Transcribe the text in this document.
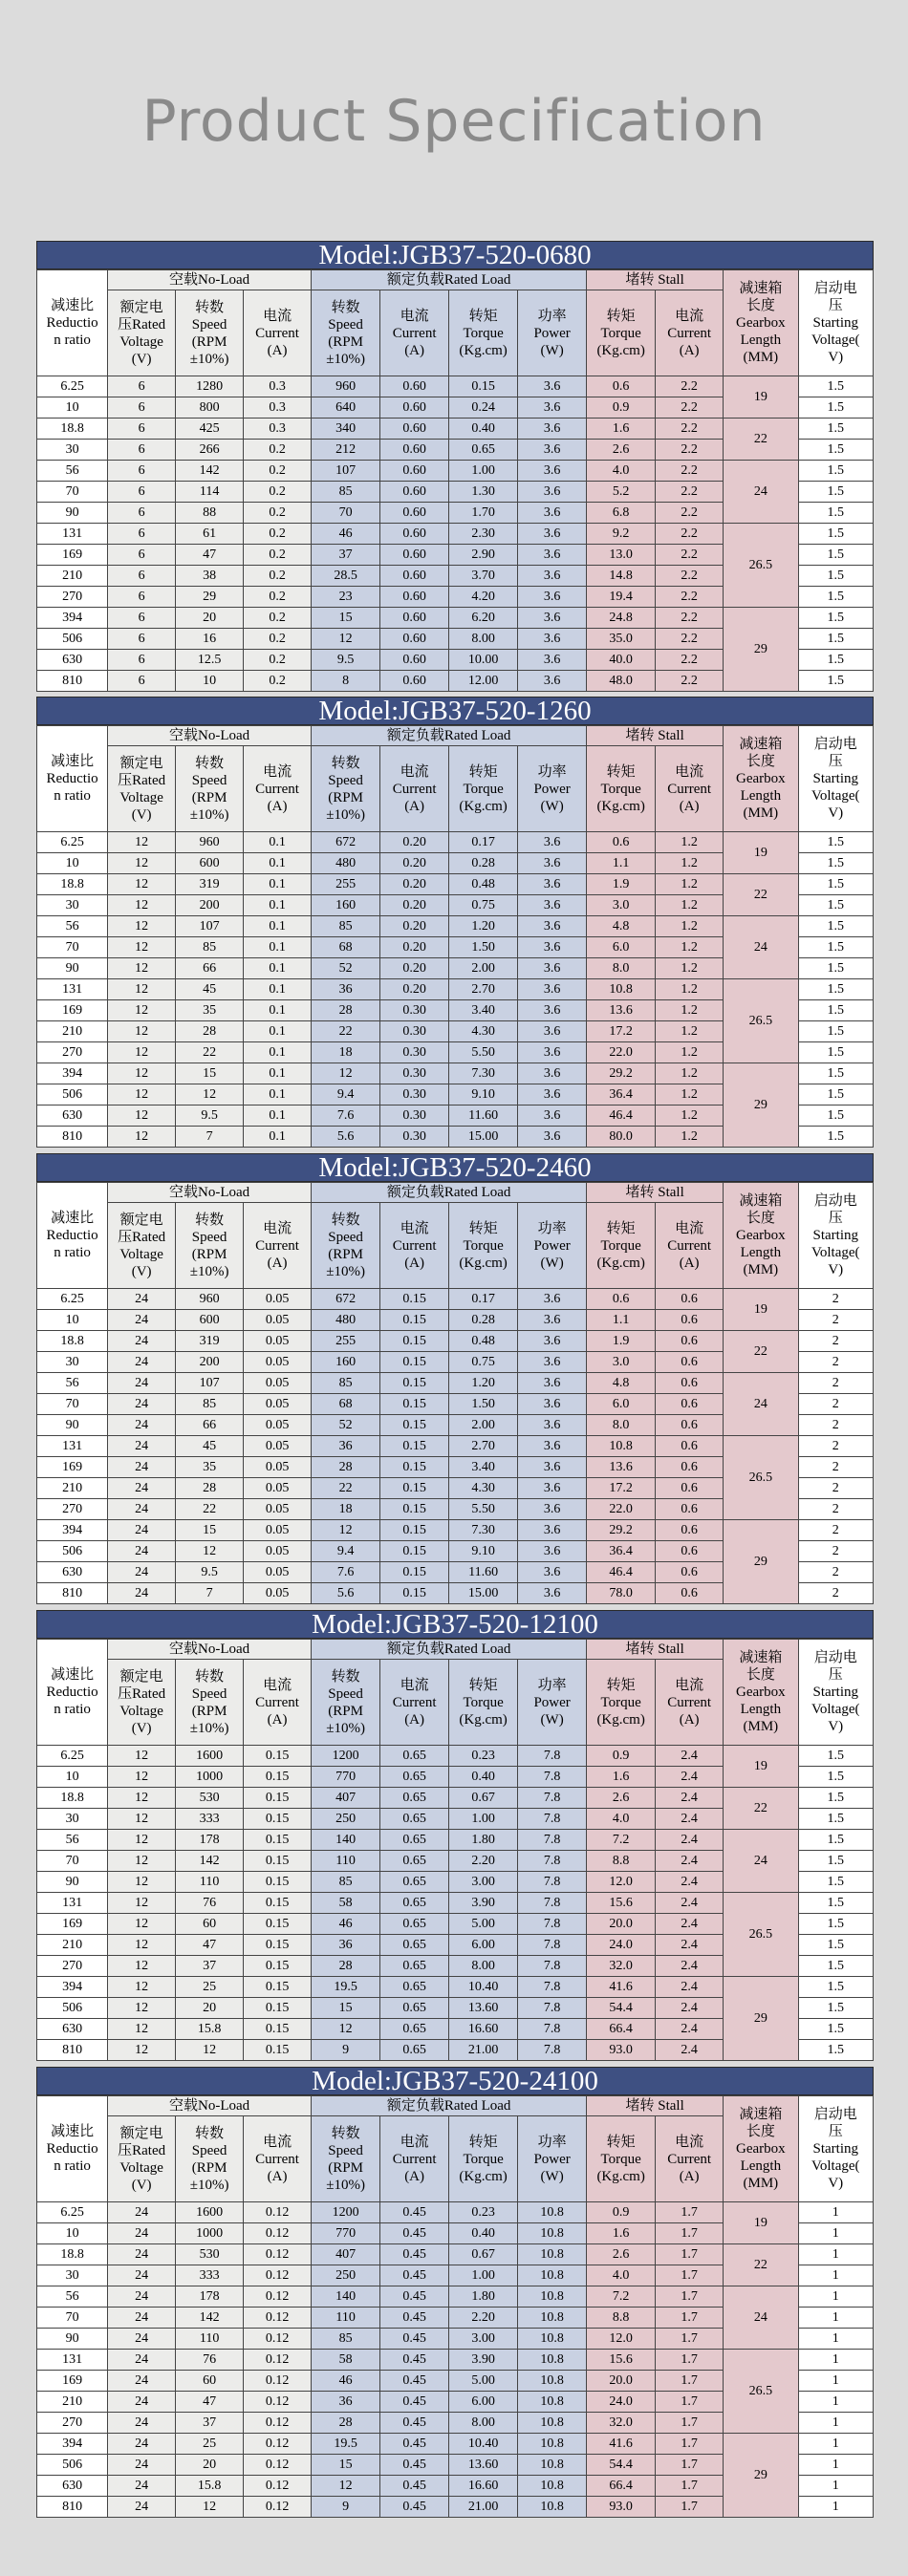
Product Specification
Model:JGB37-520-0680
减速比
Reductio
n ratio	空载No-Load			额定负载Rated Load				堵转 Stall		减速箱
长度
Gearbox
Length
(MM)	启动电
压
Starting
Voltage(
V)
	额定电
压Rated
Voltage
(V)	转数
Speed
(RPM
±10%)	电流
Current
(A)	转数
Speed
(RPM
±10%)	电流
Current
(A)	转矩
Torque
(Kg.cm)	功率
Power
(W)	转矩
Torque
(Kg.cm)	电流
Current
(A)		
6.25	6	1280	0.3	960	0.60	0.15	3.6	0.6	2.2	19	1.5
10	6	800	0.3	640	0.60	0.24	3.6	0.9	2.2		1.5
18.8	6	425	0.3	340	0.60	0.40	3.6	1.6	2.2	22	1.5
30	6	266	0.2	212	0.60	0.65	3.6	2.6	2.2		1.5
56	6	142	0.2	107	0.60	1.00	3.6	4.0	2.2	24	1.5
70	6	114	0.2	85	0.60	1.30	3.6	5.2	2.2		1.5
90	6	88	0.2	70	0.60	1.70	3.6	6.8	2.2		1.5
131	6	61	0.2	46	0.60	2.30	3.6	9.2	2.2	26.5	1.5
169	6	47	0.2	37	0.60	2.90	3.6	13.0	2.2		1.5
210	6	38	0.2	28.5	0.60	3.70	3.6	14.8	2.2		1.5
270	6	29	0.2	23	0.60	4.20	3.6	19.4	2.2		1.5
394	6	20	0.2	15	0.60	6.20	3.6	24.8	2.2	29	1.5
506	6	16	0.2	12	0.60	8.00	3.6	35.0	2.2		1.5
630	6	12.5	0.2	9.5	0.60	10.00	3.6	40.0	2.2		1.5
810	6	10	0.2	8	0.60	12.00	3.6	48.0	2.2		1.5
Model:JGB37-520-1260
减速比
Reductio
n ratio	空载No-Load			额定负载Rated Load				堵转 Stall		减速箱
长度
Gearbox
Length
(MM)	启动电
压
Starting
Voltage(
V)
	额定电
压Rated
Voltage
(V)	转数
Speed
(RPM
±10%)	电流
Current
(A)	转数
Speed
(RPM
±10%)	电流
Current
(A)	转矩
Torque
(Kg.cm)	功率
Power
(W)	转矩
Torque
(Kg.cm)	电流
Current
(A)		
6.25	12	960	0.1	672	0.20	0.17	3.6	0.6	1.2	19	1.5
10	12	600	0.1	480	0.20	0.28	3.6	1.1	1.2		1.5
18.8	12	319	0.1	255	0.20	0.48	3.6	1.9	1.2	22	1.5
30	12	200	0.1	160	0.20	0.75	3.6	3.0	1.2		1.5
56	12	107	0.1	85	0.20	1.20	3.6	4.8	1.2	24	1.5
70	12	85	0.1	68	0.20	1.50	3.6	6.0	1.2		1.5
90	12	66	0.1	52	0.20	2.00	3.6	8.0	1.2		1.5
131	12	45	0.1	36	0.20	2.70	3.6	10.8	1.2	26.5	1.5
169	12	35	0.1	28	0.30	3.40	3.6	13.6	1.2		1.5
210	12	28	0.1	22	0.30	4.30	3.6	17.2	1.2		1.5
270	12	22	0.1	18	0.30	5.50	3.6	22.0	1.2		1.5
394	12	15	0.1	12	0.30	7.30	3.6	29.2	1.2	29	1.5
506	12	12	0.1	9.4	0.30	9.10	3.6	36.4	1.2		1.5
630	12	9.5	0.1	7.6	0.30	11.60	3.6	46.4	1.2		1.5
810	12	7	0.1	5.6	0.30	15.00	3.6	80.0	1.2		1.5
Model:JGB37-520-2460
减速比
Reductio
n ratio	空载No-Load			额定负载Rated Load				堵转 Stall		减速箱
长度
Gearbox
Length
(MM)	启动电
压
Starting
Voltage(
V)
	额定电
压Rated
Voltage
(V)	转数
Speed
(RPM
±10%)	电流
Current
(A)	转数
Speed
(RPM
±10%)	电流
Current
(A)	转矩
Torque
(Kg.cm)	功率
Power
(W)	转矩
Torque
(Kg.cm)	电流
Current
(A)		
6.25	24	960	0.05	672	0.15	0.17	3.6	0.6	0.6	19	2
10	24	600	0.05	480	0.15	0.28	3.6	1.1	0.6		2
18.8	24	319	0.05	255	0.15	0.48	3.6	1.9	0.6	22	2
30	24	200	0.05	160	0.15	0.75	3.6	3.0	0.6		2
56	24	107	0.05	85	0.15	1.20	3.6	4.8	0.6	24	2
70	24	85	0.05	68	0.15	1.50	3.6	6.0	0.6		2
90	24	66	0.05	52	0.15	2.00	3.6	8.0	0.6		2
131	24	45	0.05	36	0.15	2.70	3.6	10.8	0.6	26.5	2
169	24	35	0.05	28	0.15	3.40	3.6	13.6	0.6		2
210	24	28	0.05	22	0.15	4.30	3.6	17.2	0.6		2
270	24	22	0.05	18	0.15	5.50	3.6	22.0	0.6		2
394	24	15	0.05	12	0.15	7.30	3.6	29.2	0.6	29	2
506	24	12	0.05	9.4	0.15	9.10	3.6	36.4	0.6		2
630	24	9.5	0.05	7.6	0.15	11.60	3.6	46.4	0.6		2
810	24	7	0.05	5.6	0.15	15.00	3.6	78.0	0.6		2
Model:JGB37-520-12100
减速比
Reductio
n ratio	空载No-Load			额定负载Rated Load				堵转 Stall		减速箱
长度
Gearbox
Length
(MM)	启动电
压
Starting
Voltage(
V)
	额定电
压Rated
Voltage
(V)	转数
Speed
(RPM
±10%)	电流
Current
(A)	转数
Speed
(RPM
±10%)	电流
Current
(A)	转矩
Torque
(Kg.cm)	功率
Power
(W)	转矩
Torque
(Kg.cm)	电流
Current
(A)		
6.25	12	1600	0.15	1200	0.65	0.23	7.8	0.9	2.4	19	1.5
10	12	1000	0.15	770	0.65	0.40	7.8	1.6	2.4		1.5
18.8	12	530	0.15	407	0.65	0.67	7.8	2.6	2.4	22	1.5
30	12	333	0.15	250	0.65	1.00	7.8	4.0	2.4		1.5
56	12	178	0.15	140	0.65	1.80	7.8	7.2	2.4	24	1.5
70	12	142	0.15	110	0.65	2.20	7.8	8.8	2.4		1.5
90	12	110	0.15	85	0.65	3.00	7.8	12.0	2.4		1.5
131	12	76	0.15	58	0.65	3.90	7.8	15.6	2.4	26.5	1.5
169	12	60	0.15	46	0.65	5.00	7.8	20.0	2.4		1.5
210	12	47	0.15	36	0.65	6.00	7.8	24.0	2.4		1.5
270	12	37	0.15	28	0.65	8.00	7.8	32.0	2.4		1.5
394	12	25	0.15	19.5	0.65	10.40	7.8	41.6	2.4	29	1.5
506	12	20	0.15	15	0.65	13.60	7.8	54.4	2.4		1.5
630	12	15.8	0.15	12	0.65	16.60	7.8	66.4	2.4		1.5
810	12	12	0.15	9	0.65	21.00	7.8	93.0	2.4		1.5
Model:JGB37-520-24100
减速比
Reductio
n ratio	空载No-Load			额定负载Rated Load				堵转 Stall		减速箱
长度
Gearbox
Length
(MM)	启动电
压
Starting
Voltage(
V)
	额定电
压Rated
Voltage
(V)	转数
Speed
(RPM
±10%)	电流
Current
(A)	转数
Speed
(RPM
±10%)	电流
Current
(A)	转矩
Torque
(Kg.cm)	功率
Power
(W)	转矩
Torque
(Kg.cm)	电流
Current
(A)		
6.25	24	1600	0.12	1200	0.45	0.23	10.8	0.9	1.7	19	1
10	24	1000	0.12	770	0.45	0.40	10.8	1.6	1.7		1
18.8	24	530	0.12	407	0.45	0.67	10.8	2.6	1.7	22	1
30	24	333	0.12	250	0.45	1.00	10.8	4.0	1.7		1
56	24	178	0.12	140	0.45	1.80	10.8	7.2	1.7	24	1
70	24	142	0.12	110	0.45	2.20	10.8	8.8	1.7		1
90	24	110	0.12	85	0.45	3.00	10.8	12.0	1.7		1
131	24	76	0.12	58	0.45	3.90	10.8	15.6	1.7	26.5	1
169	24	60	0.12	46	0.45	5.00	10.8	20.0	1.7		1
210	24	47	0.12	36	0.45	6.00	10.8	24.0	1.7		1
270	24	37	0.12	28	0.45	8.00	10.8	32.0	1.7		1
394	24	25	0.12	19.5	0.45	10.40	10.8	41.6	1.7	29	1
506	24	20	0.12	15	0.45	13.60	10.8	54.4	1.7		1
630	24	15.8	0.12	12	0.45	16.60	10.8	66.4	1.7		1
810	24	12	0.12	9	0.45	21.00	10.8	93.0	1.7		1
